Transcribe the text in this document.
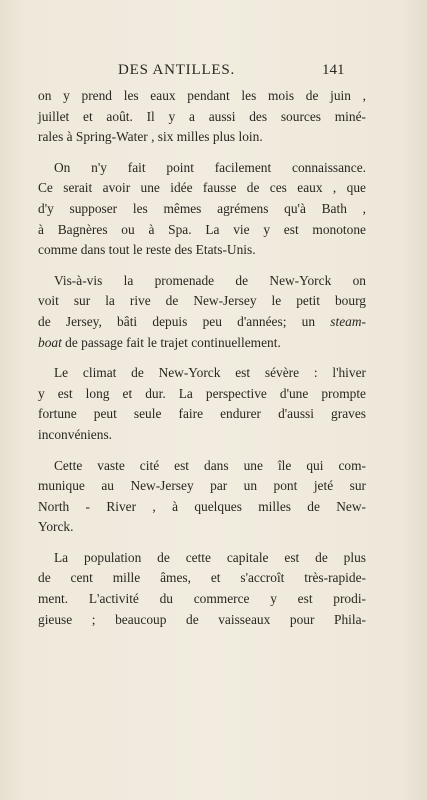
DES ANTILLES.	141

on y prend les eaux pendant les mois de juin ,
juillet et août. Il y a aussi des sources miné-
rales à Spring-Water , six milles plus loin.

On n'y fait point facilement connaissance.
Ce serait avoir une idée fausse de ces eaux , que
d'y supposer les mêmes agrémens qu'à Bath ,
à Bagnères ou à Spa. La vie y est monotone
comme dans tout le reste des Etats-Unis.

Vis-à-vis la promenade de New-Yorck on
voit sur la rive de New-Jersey le petit bourg
de Jersey, bâti depuis peu d'années; un steam-
boat de passage fait le trajet continuellement.

Le climat de New-Yorck est sévère : l'hiver
y est long et dur. La perspective d'une prompte
fortune peut seule faire endurer d'aussi graves
inconvéniens.

Cette vaste cité est dans une île qui com-
munique au New-Jersey par un pont jeté sur
North - River , à quelques milles de New-
Yorck.

La population de cette capitale est de plus
de cent mille âmes, et s'accroît très-rapide-
ment. L'activité du commerce y est prodi-
gieuse ; beaucoup de vaisseaux pour Phila-
